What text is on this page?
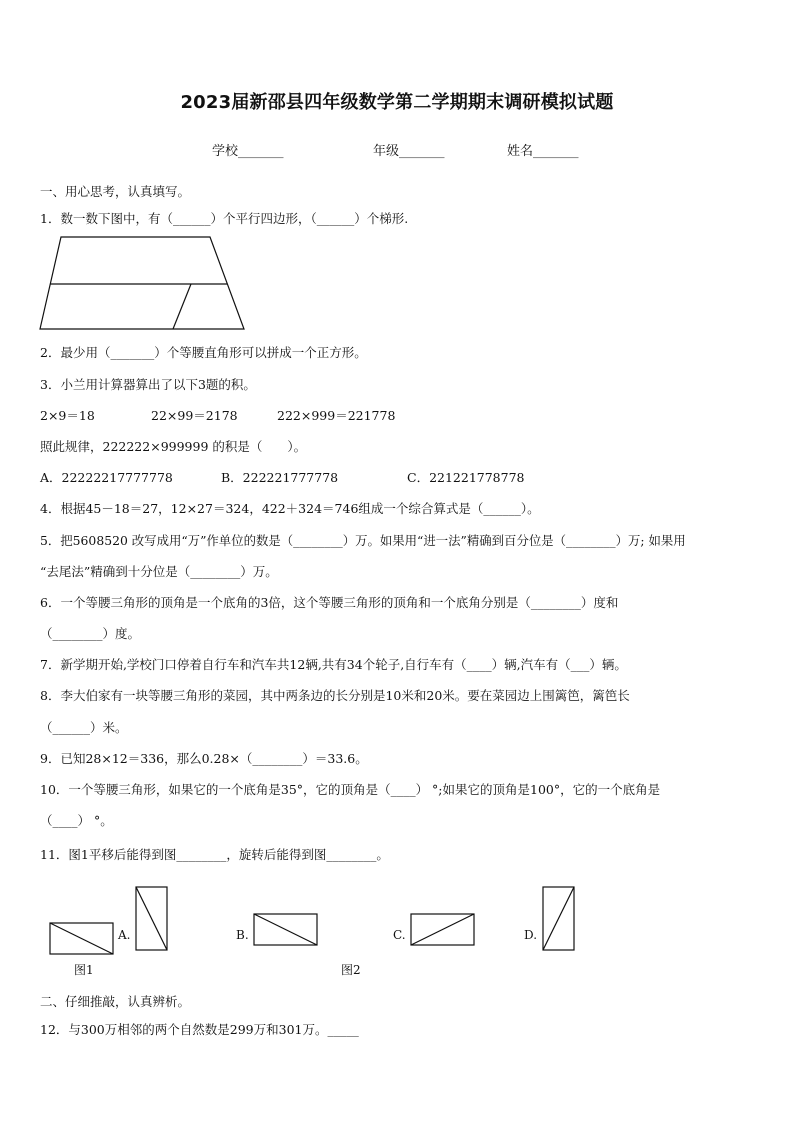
2023届新邵县四年级数学第二学期期末调研模拟试题
学校_______	年级_______	姓名_______
一、用心思考，认真填写。
1．数一数下图中，有（______）个平行四边形，（______）个梯形.
2．最少用（_______）个等腰直角形可以拼成一个正方形。
3．小兰用计算器算出了以下3题的积。
2×9＝18	22×99＝2178	222×999＝221778
照此规律，222222×999999 的积是（　　）。
A．22222217777778	B．222221777778	C．221221778778
4．根据45－18＝27，12×27＝324，422＋324＝746组成一个综合算式是（______）。
5．把5608520 改写成用“万”作单位的数是（________）万。如果用“进一法”精确到百分位是（________）万; 如果用
“去尾法”精确到十分位是（________）万。
6．一个等腰三角形的顶角是一个底角的3倍，这个等腰三角形的顶角和一个底角分别是（________）度和
（________）度。
7．新学期开始,学校门口停着自行车和汽车共12辆,共有34个轮子,自行车有（____）辆,汽车有（___）辆。
8．李大伯家有一块等腰三角形的菜园，其中两条边的长分别是10米和20米。要在菜园边上围篱笆，篱笆长
（______）米。
9．已知28×12＝336，那么0.28×（________）＝33.6。
10．一个等腰三角形，如果它的一个底角是35°，它的顶角是（____） °;如果它的顶角是100°，它的一个底角是
（____） °。
11．图1平移后能得到图________，旋转后能得到图________。
A.	B.	C.	D.
图1	图2
二、仔细推敲，认真辨析。
12．与300万相邻的两个自然数是299万和301万。_____
